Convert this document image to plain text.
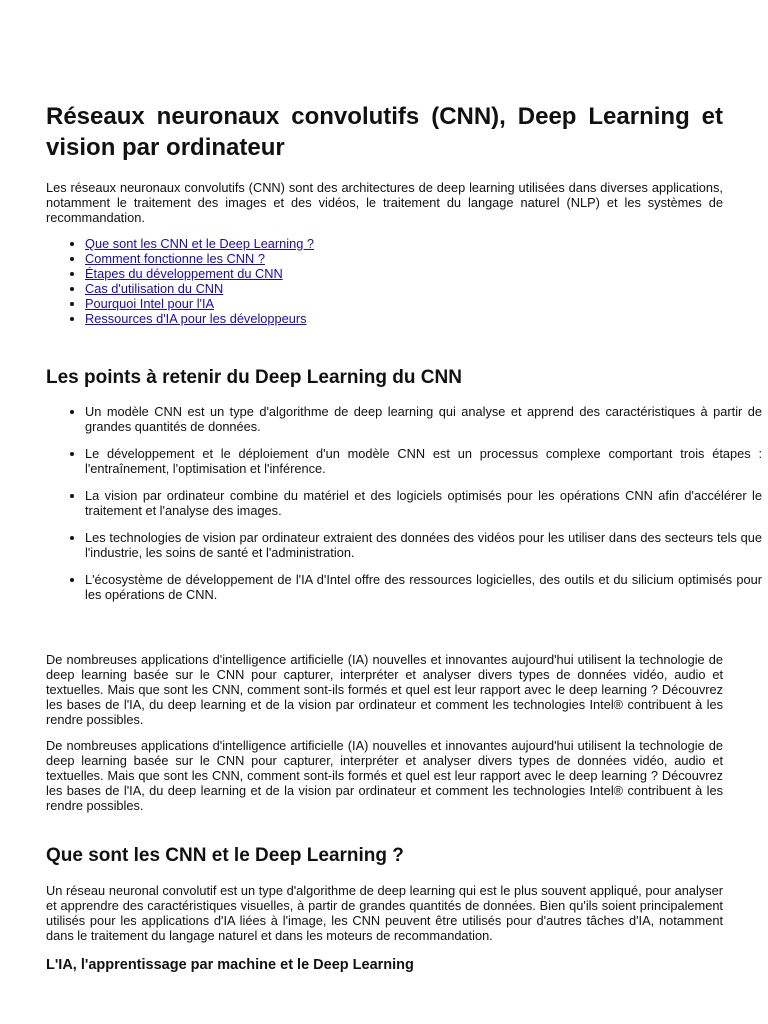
Réseaux neuronaux convolutifs (CNN), Deep Learning et vision par ordinateur

Les réseaux neuronaux convolutifs (CNN) sont des architectures de deep learning utilisées dans diverses applications, notamment le traitement des images et des vidéos, le traitement du langage naturel (NLP) et les systèmes de recommandation.

• Que sont les CNN et le Deep Learning ?
• Comment fonctionne les CNN ?
• Étapes du développement du CNN
• Cas d'utilisation du CNN
• Pourquoi Intel pour l'IA
• Ressources d'IA pour les développeurs
Les points à retenir du Deep Learning du CNN
• Un modèle CNN est un type d'algorithme de deep learning qui analyse et apprend des caractéristiques à partir de grandes quantités de données.
• Le développement et le déploiement d'un modèle CNN est un processus complexe comportant trois étapes : l'entraînement, l'optimisation et l'inférence.
• La vision par ordinateur combine du matériel et des logiciels optimisés pour les opérations CNN afin d'accélérer le traitement et l'analyse des images.
• Les technologies de vision par ordinateur extraient des données des vidéos pour les utiliser dans des secteurs tels que l'industrie, les soins de santé et l'administration.
• L'écosystème de développement de l'IA d'Intel offre des ressources logicielles, des outils et du silicium optimisés pour les opérations de CNN.

De nombreuses applications d'intelligence artificielle (IA) nouvelles et innovantes aujourd'hui utilisent la technologie de deep learning basée sur le CNN pour capturer, interpréter et analyser divers types de données vidéo, audio et textuelles. Mais que sont les CNN, comment sont-ils formés et quel est leur rapport avec le deep learning ? Découvrez les bases de l'IA, du deep learning et de la vision par ordinateur et comment les technologies Intel® contribuent à les rendre possibles.

De nombreuses applications d'intelligence artificielle (IA) nouvelles et innovantes aujourd'hui utilisent la technologie de deep learning basée sur le CNN pour capturer, interpréter et analyser divers types de données vidéo, audio et textuelles. Mais que sont les CNN, comment sont-ils formés et quel est leur rapport avec le deep learning ? Découvrez les bases de l'IA, du deep learning et de la vision par ordinateur et comment les technologies Intel® contribuent à les rendre possibles.

Que sont les CNN et le Deep Learning ?

Un réseau neuronal convolutif est un type d'algorithme de deep learning qui est le plus souvent appliqué, pour analyser et apprendre des caractéristiques visuelles, à partir de grandes quantités de données. Bien qu'ils soient principalement utilisés pour les applications d'IA liées à l'image, les CNN peuvent être utilisés pour d'autres tâches d'IA, notamment dans le traitement du langage naturel et dans les moteurs de recommandation.

L'IA, l'apprentissage par machine et le Deep Learning
